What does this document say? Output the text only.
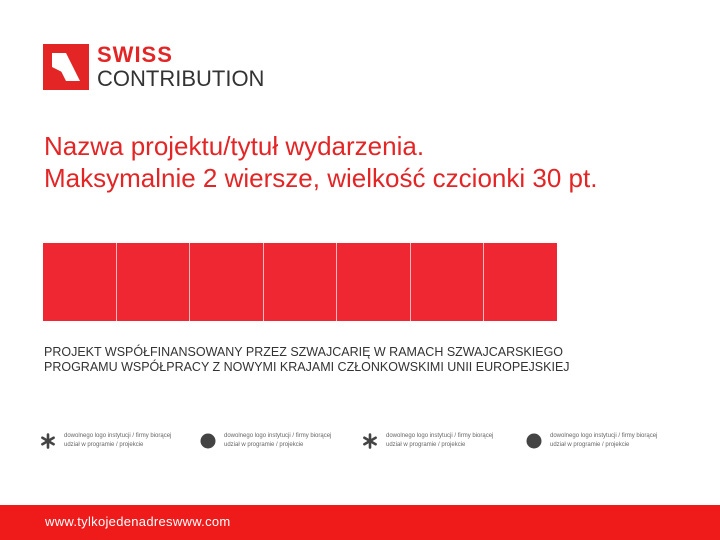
SWISS
CONTRIBUTION
Nazwa projektu/tytuł wydarzenia.
Maksymalnie 2 wiersze, wielkość czcionki 30 pt.
PROJEKT WSPÓŁFINANSOWANY PRZEZ SZWAJCARIĘ W RAMACH SZWAJCARSKIEGO
PROGRAMU WSPÓŁPRACY Z NOWYMI KRAJAMI CZŁONKOWSKIMI UNII EUROPEJSKIEJ
dowolnego logo instytucji / firmy biorącej
udział w programie / projekcie
dowolnego logo instytucji / firmy biorącej
udział w programie / projekcie
dowolnego logo instytucji / firmy biorącej
udział w programie / projekcie
dowolnego logo instytucji / firmy biorącej
udział w programie / projekcie
www.tylkojedenadreswww.com
